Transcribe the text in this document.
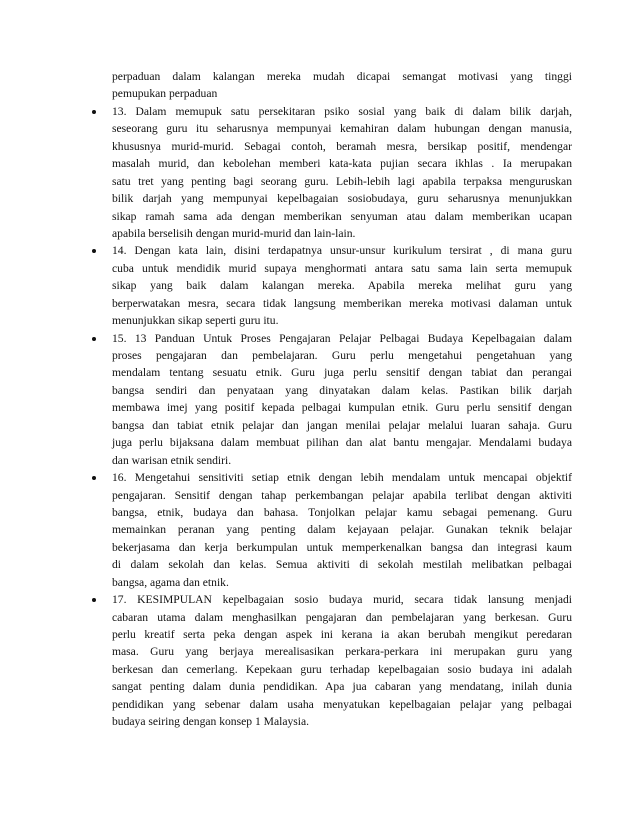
perpaduan dalam kalangan mereka mudah dicapai semangat motivasi yang tinggi
pemupukan perpaduan
13. Dalam memupuk satu persekitaran psiko sosial yang baik di dalam bilik darjah,
seseorang guru itu seharusnya mempunyai kemahiran dalam hubungan dengan manusia,
khususnya murid-murid. Sebagai contoh, beramah mesra, bersikap positif, mendengar
masalah murid, dan kebolehan memberi kata-kata pujian secara ikhlas . Ia merupakan
satu tret yang penting bagi seorang guru. Lebih-lebih lagi apabila terpaksa menguruskan
bilik darjah yang mempunyai kepelbagaian sosiobudaya, guru seharusnya menunjukkan
sikap ramah sama ada dengan memberikan senyuman atau dalam memberikan ucapan
apabila berselisih dengan murid-murid dan lain-lain.
14. Dengan kata lain, disini terdapatnya unsur-unsur kurikulum tersirat , di mana guru
cuba untuk mendidik murid supaya menghormati antara satu sama lain serta memupuk
sikap yang baik dalam kalangan mereka. Apabila mereka melihat guru yang
berperwatakan mesra, secara tidak langsung memberikan mereka motivasi dalaman untuk
menunjukkan sikap seperti guru itu.
15. 13 Panduan Untuk Proses Pengajaran Pelajar Pelbagai Budaya Kepelbagaian dalam
proses pengajaran dan pembelajaran. Guru perlu mengetahui pengetahuan yang
mendalam tentang sesuatu etnik. Guru juga perlu sensitif dengan tabiat dan perangai
bangsa sendiri dan penyataan yang dinyatakan dalam kelas. Pastikan bilik darjah
membawa imej yang positif kepada pelbagai kumpulan etnik. Guru perlu sensitif dengan
bangsa dan tabiat etnik pelajar dan jangan menilai pelajar melalui luaran sahaja. Guru
juga perlu bijaksana dalam membuat pilihan dan alat bantu mengajar. Mendalami budaya
dan warisan etnik sendiri.
16. Mengetahui sensitiviti setiap etnik dengan lebih mendalam untuk mencapai objektif
pengajaran. Sensitif dengan tahap perkembangan pelajar apabila terlibat dengan aktiviti
bangsa, etnik, budaya dan bahasa. Tonjolkan pelajar kamu sebagai pemenang. Guru
memainkan peranan yang penting dalam kejayaan pelajar. Gunakan teknik belajar
bekerjasama dan kerja berkumpulan untuk memperkenalkan bangsa dan integrasi kaum
di dalam sekolah dan kelas. Semua aktiviti di sekolah mestilah melibatkan pelbagai
bangsa, agama dan etnik.
17. KESIMPULAN kepelbagaian sosio budaya murid, secara tidak lansung menjadi
cabaran utama dalam menghasilkan pengajaran dan pembelajaran yang berkesan. Guru
perlu kreatif serta peka dengan aspek ini kerana ia akan berubah mengikut peredaran
masa. Guru yang berjaya merealisasikan perkara-perkara ini merupakan guru yang
berkesan dan cemerlang. Kepekaan guru terhadap kepelbagaian sosio budaya ini adalah
sangat penting dalam dunia pendidikan. Apa jua cabaran yang mendatang, inilah dunia
pendidikan yang sebenar dalam usaha menyatukan kepelbagaian pelajar yang pelbagai
budaya seiring dengan konsep 1 Malaysia.
